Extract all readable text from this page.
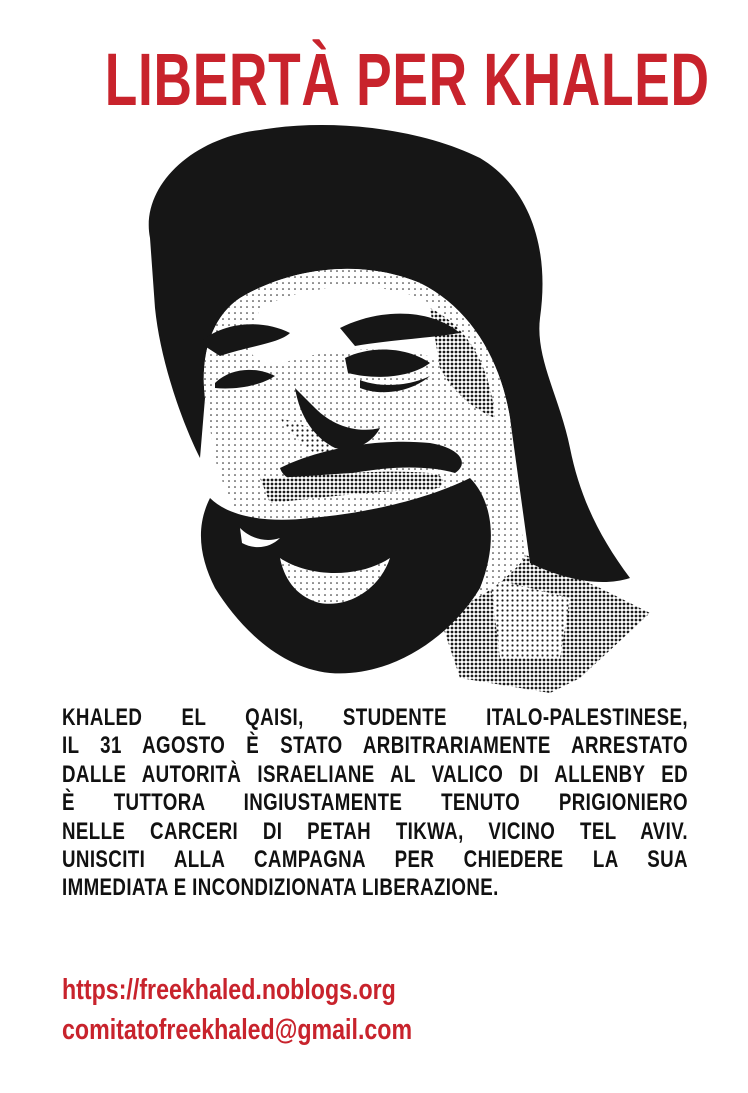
LIBERTÀ PER KHALED
KHALED EL QAISI, STUDENTE ITALO-PALESTINESE,
IL 31 AGOSTO È STATO ARBITRARIAMENTE ARRESTATO
DALLE AUTORITÀ ISRAELIANE AL VALICO DI ALLENBY ED
È TUTTORA INGIUSTAMENTE TENUTO PRIGIONIERO
NELLE CARCERI DI PETAH TIKWA, VICINO TEL AVIV.
UNISCITI ALLA CAMPAGNA PER CHIEDERE LA SUA
IMMEDIATA E INCONDIZIONATA LIBERAZIONE.
https://freekhaled.noblogs.org
comitatofreekhaled@gmail.com
